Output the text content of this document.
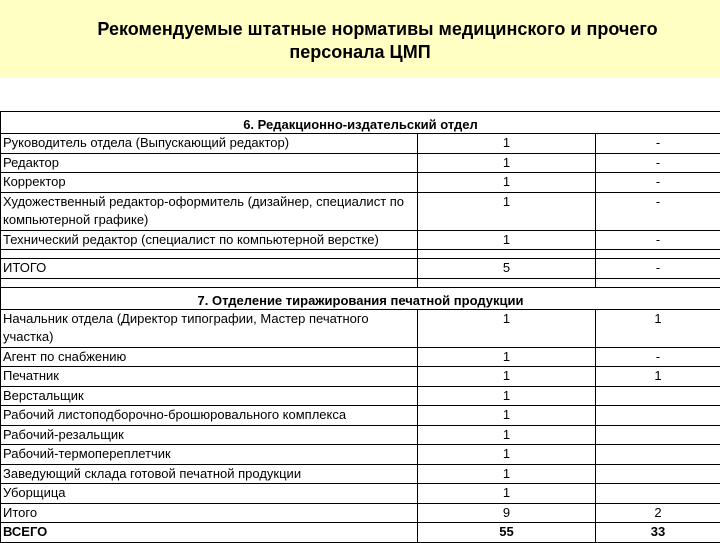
Рекомендуемые штатные нормативы медицинского и прочего
персонала ЦМП
6. Редакционно-издательский отдел		
Руководитель отдела (Выпускающий редактор)	1	-
Редактор	1	-
Корректор	1	-
Художественный редактор-оформитель (дизайнер, специалист по компьютерной графике)	1	-
Технический редактор (специалист по компьютерной верстке)	1	-

ИТОГО	5	-

7. Отделение тиражирования печатной продукции		
Начальник отдела (Директор типографии, Мастер печатного участка)	1	1
Агент по снабжению	1	-
Печатник	1	1
Верстальщик	1	
Рабочий листоподборочно-брошюровального комплекса	1	
Рабочий-резальщик	1	
Рабочий-термопереплетчик	1	
Заведующий склада готовой печатной продукции	1	
Уборщица	1	
Итого	9	2
ВСЕГО	55	33
